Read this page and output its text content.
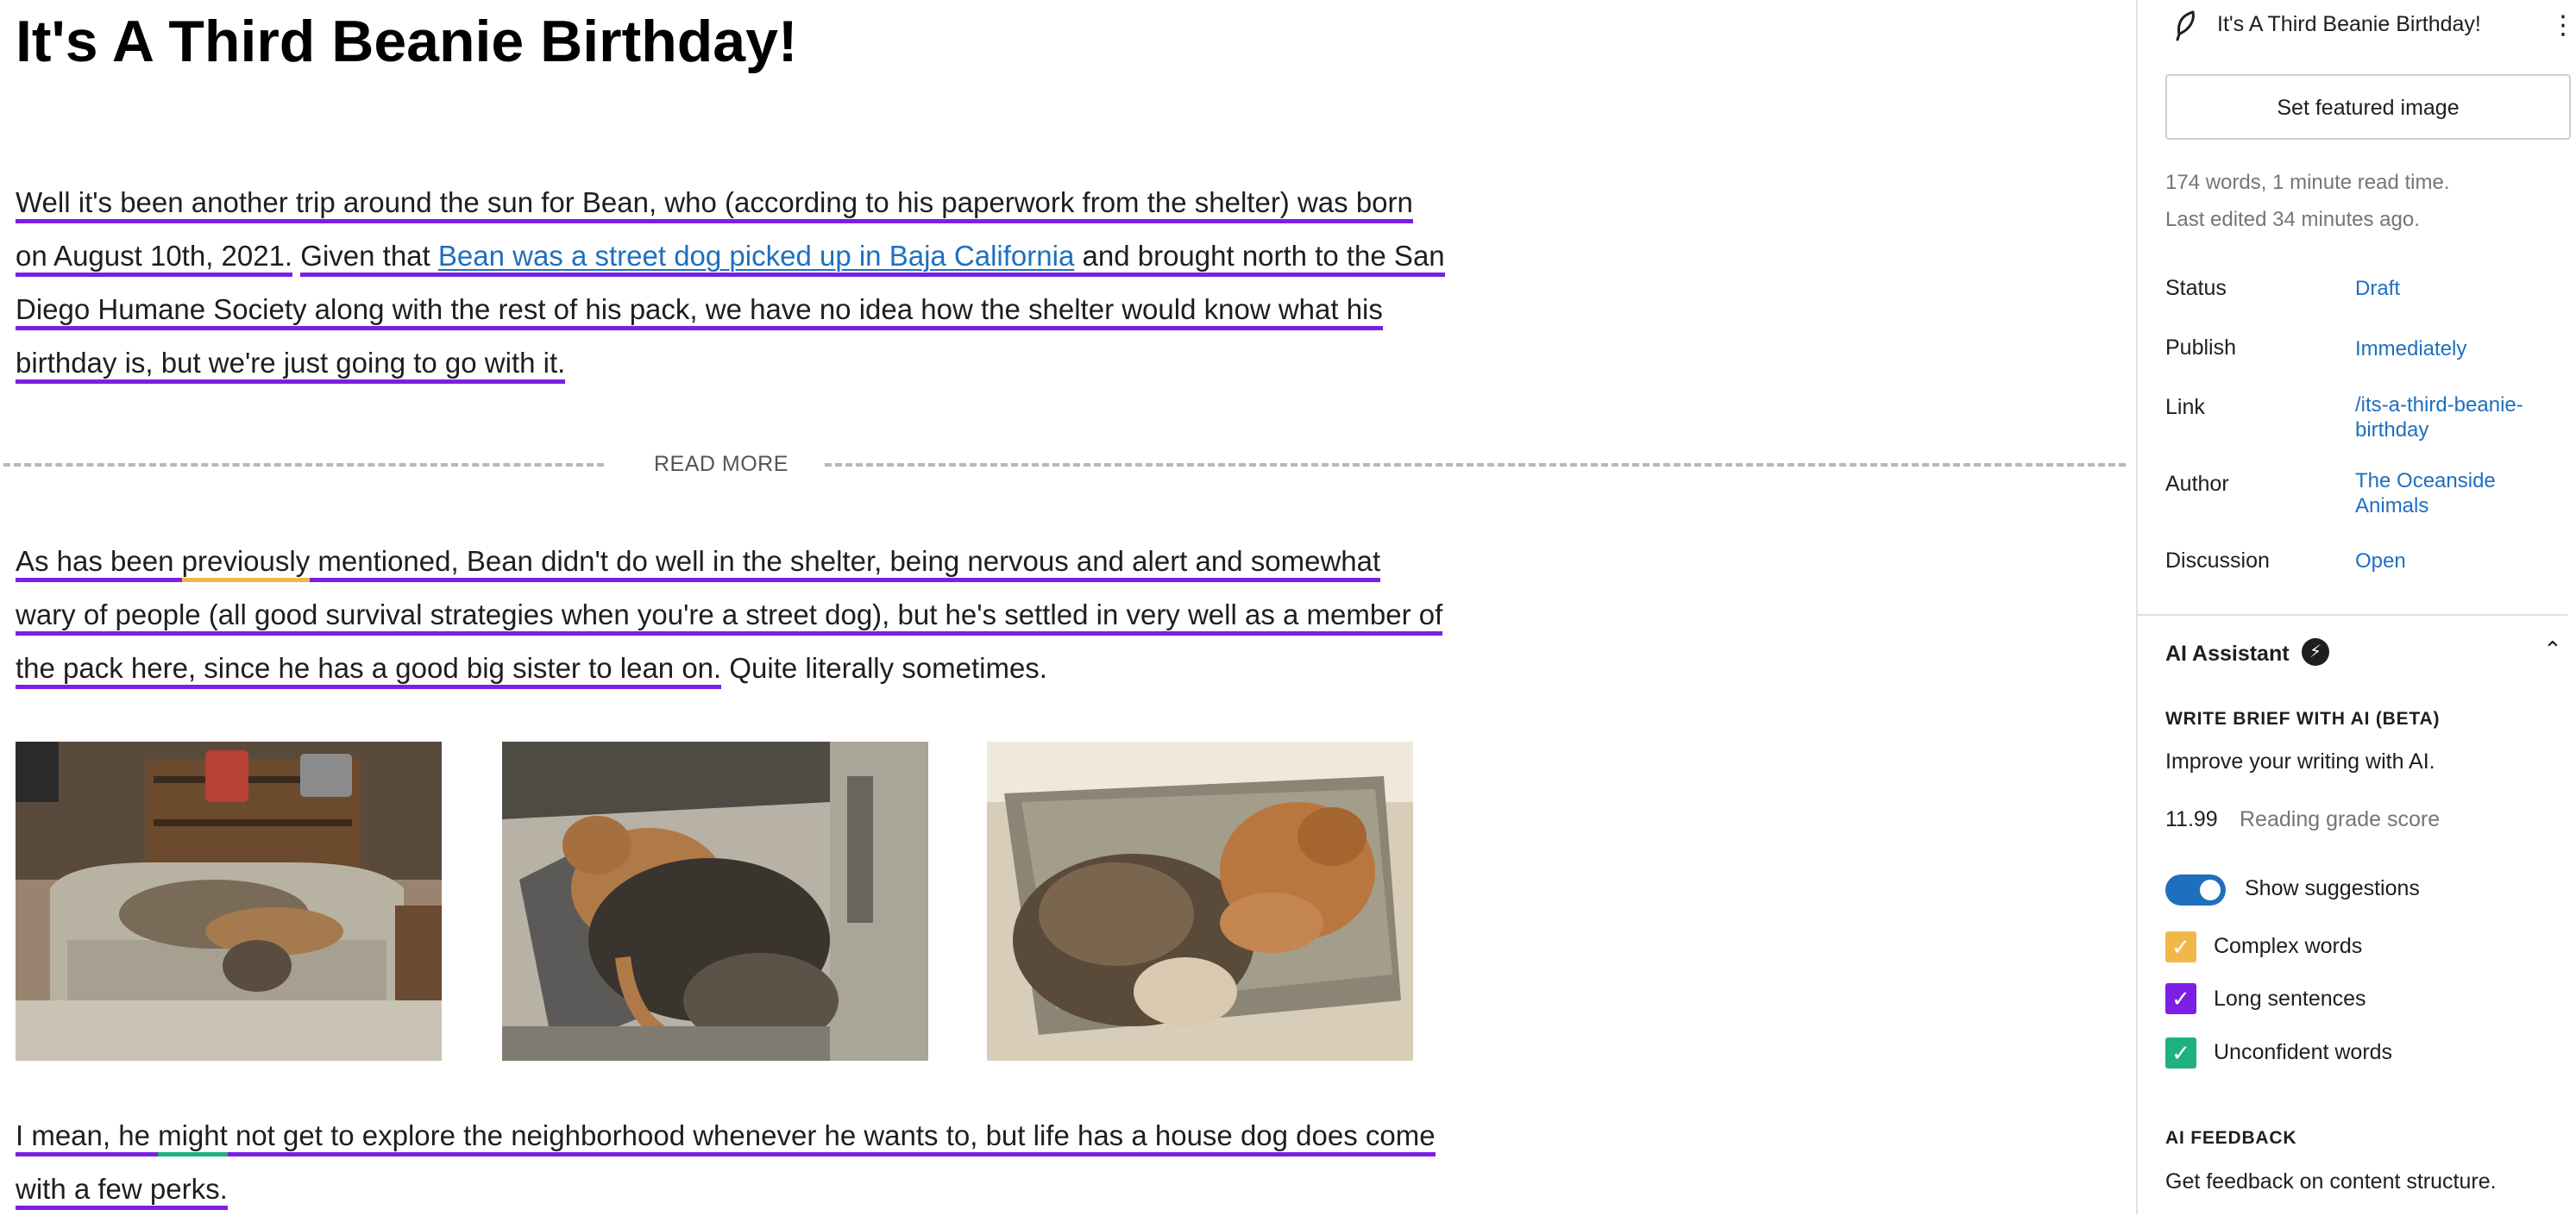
It's A Third Beanie Birthday!

Well it's been another trip around the sun for Bean, who (according to his paperwork from the shelter) was born on August 10th, 2021. Given that Bean was a street dog picked up in Baja California and brought north to the San Diego Humane Society along with the rest of his pack, we have no idea how the shelter would know what his birthday is, but we're just going to go with it.

READ MORE

As has been previously mentioned, Bean didn't do well in the shelter, being nervous and alert and somewhat wary of people (all good survival strategies when you're a street dog), but he's settled in very well as a member of the pack here, since he has a good big sister to lean on. Quite literally sometimes.

I mean, he might not get to explore the neighborhood whenever he wants to, but life has a house dog does come with a few perks.

It's A Third Beanie Birthday!	⋮
Set featured image
174 words, 1 minute read time.
Last edited 34 minutes ago.
Status	Draft
Publish	Immediately
Link	/its-a-third-beanie-birthday
Author	The Oceanside Animals
Discussion	Open
AI Assistant	⚡	⌃
WRITE BRIEF WITH AI (BETA)
Improve your writing with AI.
11.99 Reading grade score
Show suggestions
✓ Complex words
✓ Long sentences
✓ Unconfident words
AI FEEDBACK
Get feedback on content structure.
